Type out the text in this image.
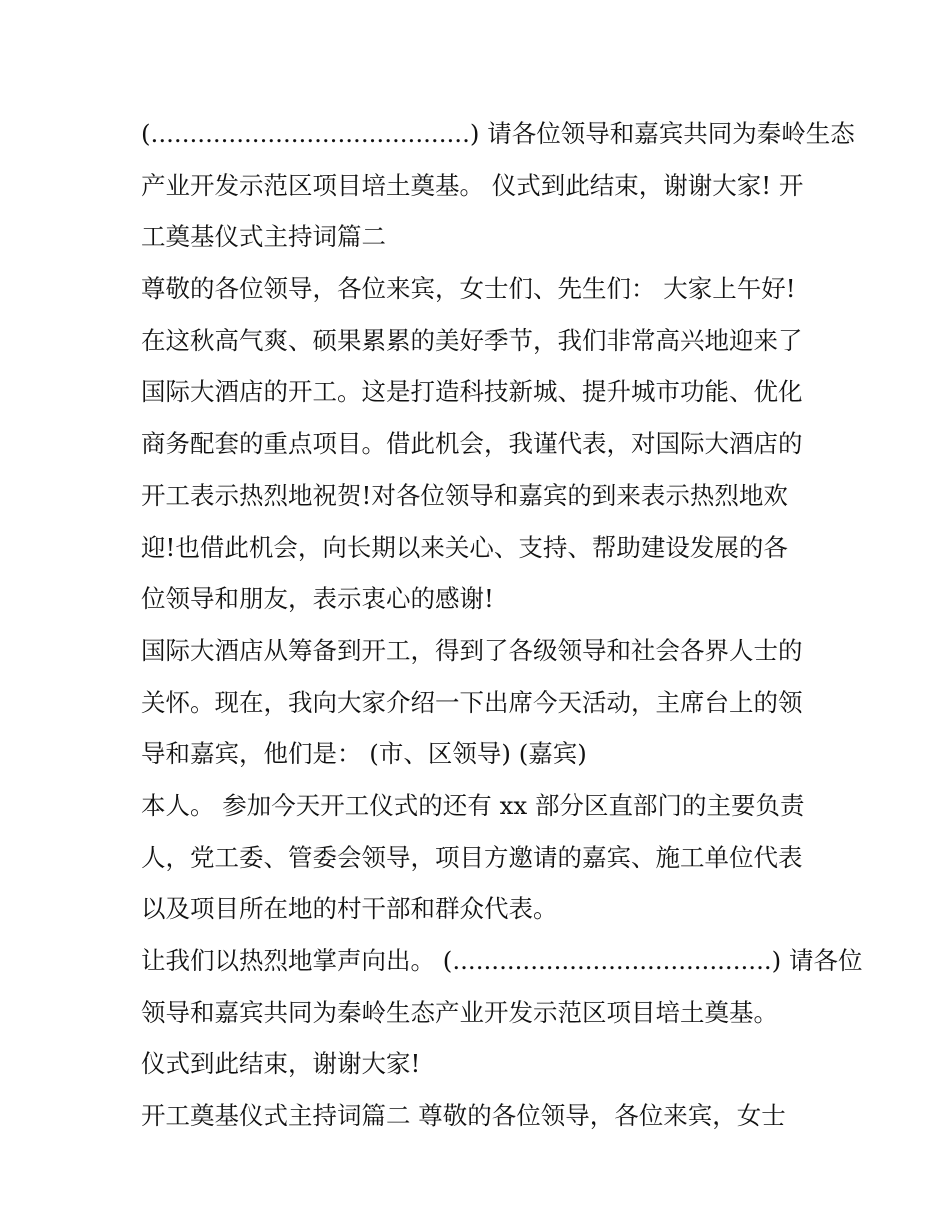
(.........................................) 请各位领导和嘉宾共同为秦岭生态
产业开发示范区项目培土奠基。 仪式到此结束，谢谢大家! 开
工奠基仪式主持词篇二
尊敬的各位领导，各位来宾，女士们、先生们： 大家上午好!
在这秋高气爽、硕果累累的美好季节，我们非常高兴地迎来了
国际大酒店的开工。这是打造科技新城、提升城市功能、优化
商务配套的重点项目。借此机会，我谨代表，对国际大酒店的
开工表示热烈地祝贺!对各位领导和嘉宾的到来表示热烈地欢
迎!也借此机会，向长期以来关心、支持、帮助建设发展的各
位领导和朋友，表示衷心的感谢!
国际大酒店从筹备到开工，得到了各级领导和社会各界人士的
关怀。现在，我向大家介绍一下出席今天活动，主席台上的领
导和嘉宾，他们是： (市、区领导) (嘉宾)
本人。 参加今天开工仪式的还有 xx 部分区直部门的主要负责
人，党工委、管委会领导，项目方邀请的嘉宾、施工单位代表
以及项目所在地的村干部和群众代表。
让我们以热烈地掌声向出。 (.........................................) 请各位
领导和嘉宾共同为秦岭生态产业开发示范区项目培土奠基。
仪式到此结束，谢谢大家!
开工奠基仪式主持词篇二 尊敬的各位领导，各位来宾，女士
